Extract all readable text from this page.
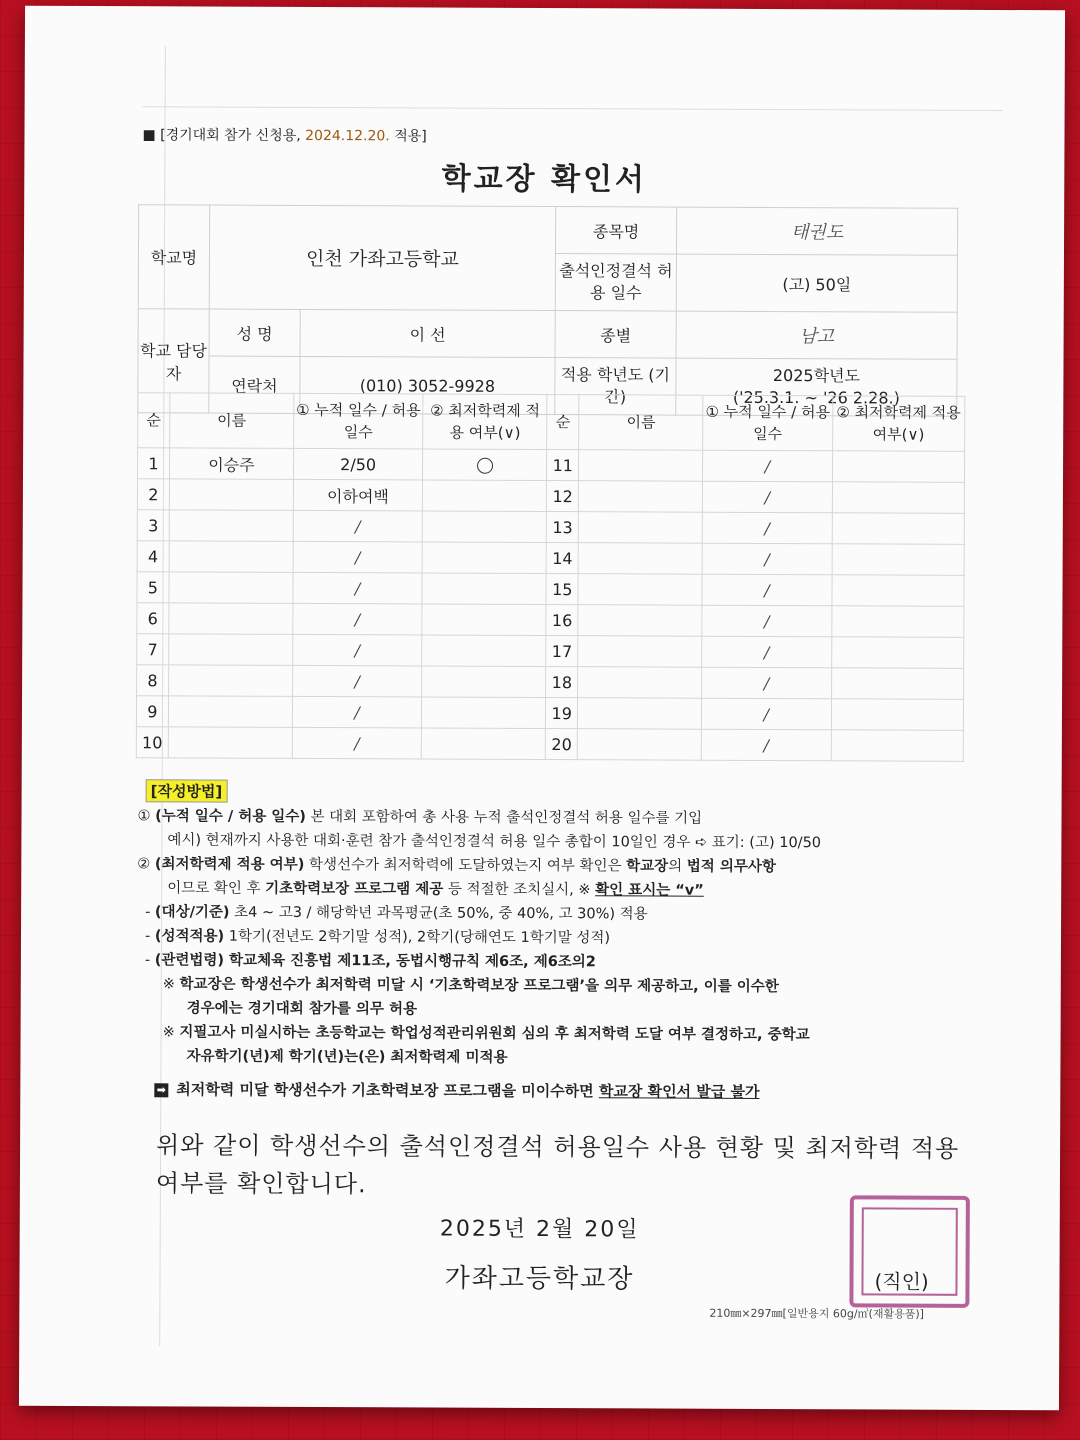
■ [경기대회 참가 신청용, 2024.12.20. 적용]
학교장 확인서
학교명	인천 가좌고등학교		종목명	태권도
			출석인정결석 허용 일수	(고) 50일
학교 담당자	성 명	이 선	종별	남고
	연락처	(010) 3052-9928	적용 학년도 (기간)	2025학년도
('25.3.1. ~ '26 2.28.)
순	이름	① 누적 일수 / 허용 일수	② 최저학력제 적용 여부(∨)	순	이름	① 누적 일수 / 허용 일수	② 최저학력제 적용 여부(∨)
1	이승주	2/50		11		/	
2		이하여백		12		/	
3		/		13		/	
4		/		14		/	
5		/		15		/	
6		/		16		/	
7		/		17		/	
8		/		18		/	
9		/		19		/	
10		/		20		/	
[작성방법]
① (누적 일수 / 허용 일수) 본 대회 포함하여 총 사용 누적 출석인정결석 허용 일수를 기입
예시) 현재까지 사용한 대회·훈련 참가 출석인정결석 허용 일수 총합이 10일인 경우 ➪ 표기: (고) 10/50
② (최저학력제 적용 여부) 학생선수가 최저학력에 도달하였는지 여부 확인은 학교장의 법적 의무사항
이므로 확인 후 기초학력보장 프로그램 제공 등 적절한 조치실시, ※ 확인 표시는 “v”
- (대상/기준) 초4 ~ 고3 / 해당학년 과목평균(초 50%, 중 40%, 고 30%) 적용
- (성적적용) 1학기(전년도 2학기말 성적), 2학기(당해연도 1학기말 성적)
- (관련법령) 학교체육 진흥법 제11조, 동법시행규칙 제6조, 제6조의2
※ 학교장은 학생선수가 최저학력 미달 시 ‘기초학력보장 프로그램’을 의무 제공하고, 이를 이수한
경우에는 경기대회 참가를 의무 허용
※ 지필고사 미실시하는 초등학교는 학업성적관리위원회 심의 후 최저학력 도달 여부 결정하고, 중학교
자유학기(년)제 학기(년)는(은) 최저학력제 미적용
➡ 최저학력 미달 학생선수가 기초학력보장 프로그램을 미이수하면 학교장 확인서 발급 불가
위와 같이 학생선수의 출석인정결석 허용일수 사용 현황 및 최저학력 적용 여부를 확인합니다.
2025년 2월 20일
가좌고등학교장	(직인)
210㎜×297㎜[일반용지 60g/㎡(재활용품)]
